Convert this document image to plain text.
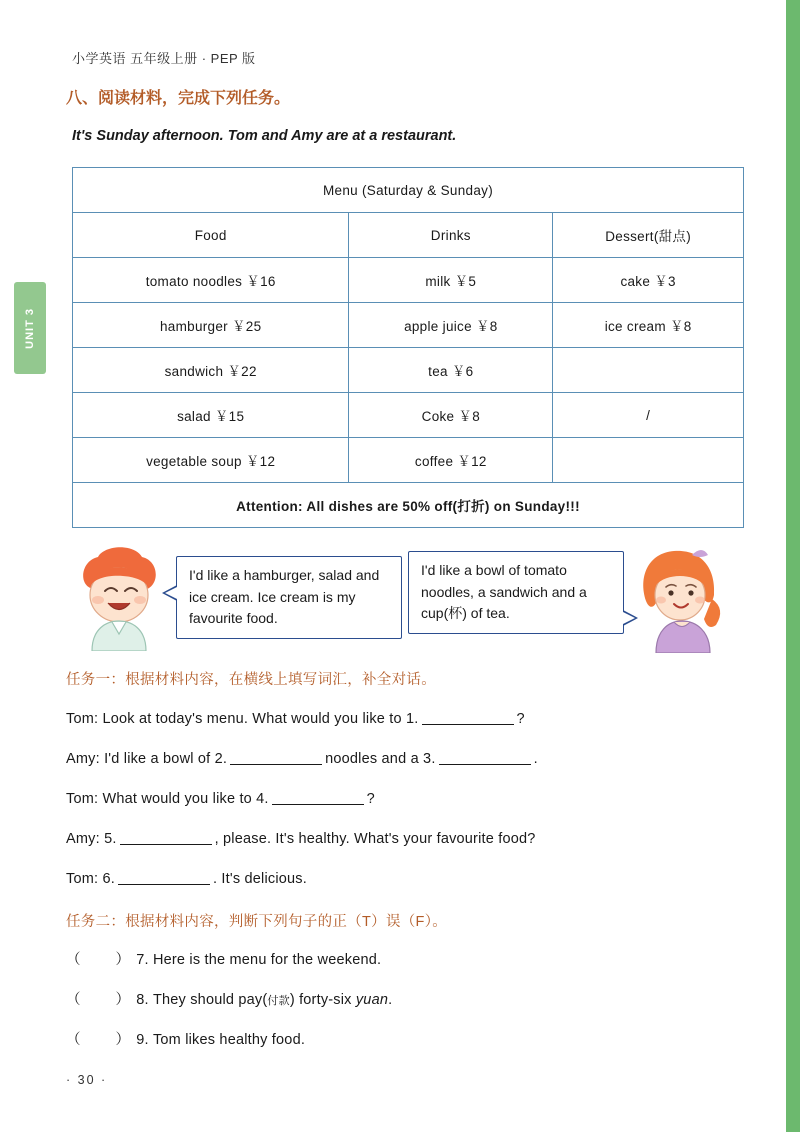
UNIT 3
小学英语 五年级上册 · PEP 版
八、阅读材料，完成下列任务。
It's Sunday afternoon. Tom and Amy are at a restaurant.
Menu (Saturday & Sunday)		
Food	Drinks	Dessert(甜点)
tomato noodles ￥16	milk ￥5	cake ￥3
hamburger ￥25	apple juice ￥8	ice cream ￥8
sandwich ￥22	tea ￥6	
salad ￥15	Coke ￥8	/
vegetable soup ￥12	coffee ￥12	
Attention: All dishes are 50% off(打折) on Sunday!!!		
I'd like a hamburger, salad and ice cream. Ice cream is my favourite food.
I'd like a bowl of tomato noodles, a sandwich and a cup(杯) of tea.
任务一：根据材料内容，在横线上填写词汇，补全对话。
Tom: Look at today's menu. What would you like to 1.	?
Amy: I'd like a bowl of 2.	noodles and a 3.	.
Tom: What would you like to 4.	?
Amy: 5.	, please. It's healthy. What's your favourite food?
Tom: 6.	. It's delicious.
任务二：根据材料内容，判断下列句子的正（T）误（F）。
（　　） 7. Here is the menu for the weekend.
（　　） 8. They should pay(付款) forty-six yuan.
（　　） 9. Tom likes healthy food.
· 30 ·
